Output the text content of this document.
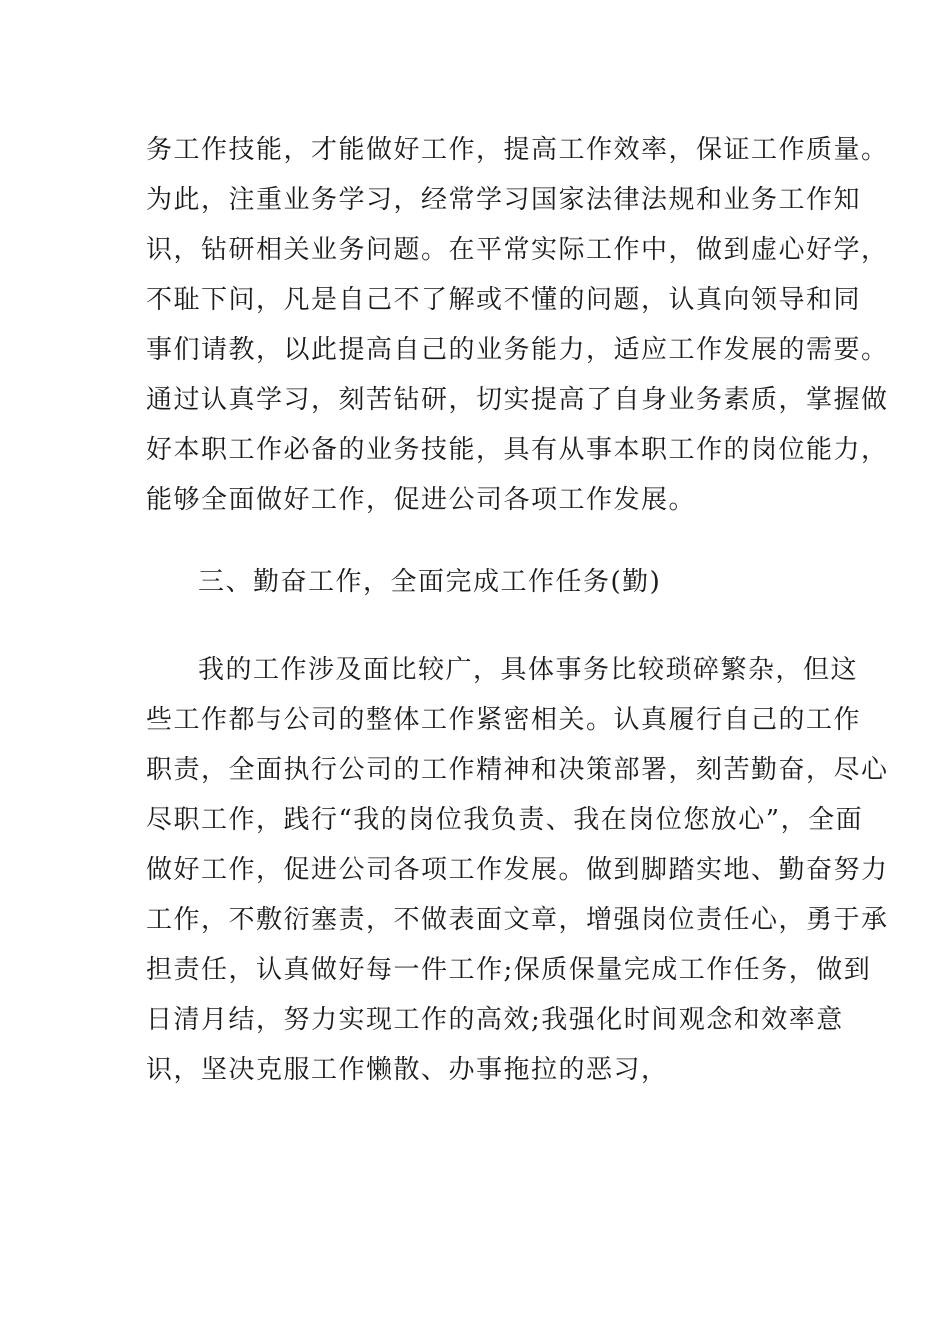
务工作技能，才能做好工作，提高工作效率，保证工作质量。
为此，注重业务学习，经常学习国家法律法规和业务工作知
识，钻研相关业务问题。在平常实际工作中，做到虚心好学，
不耻下问，凡是自己不了解或不懂的问题，认真向领导和同
事们请教，以此提高自己的业务能力，适应工作发展的需要。
通过认真学习，刻苦钻研，切实提高了自身业务素质，掌握做
好本职工作必备的业务技能，具有从事本职工作的岗位能力，
能够全面做好工作，促进公司各项工作发展。
三、勤奋工作，全面完成工作任务(勤)
我的工作涉及面比较广，具体事务比较琐碎繁杂，但这
些工作都与公司的整体工作紧密相关。认真履行自己的工作
职责，全面执行公司的工作精神和决策部署，刻苦勤奋，尽心
尽职工作，践行“我的岗位我负责、我在岗位您放心”，全面
做好工作，促进公司各项工作发展。做到脚踏实地、勤奋努力
工作，不敷衍塞责，不做表面文章，增强岗位责任心，勇于承
担责任，认真做好每一件工作;保质保量完成工作任务，做到
日清月结，努力实现工作的高效;我强化时间观念和效率意
识，坚决克服工作懒散、办事拖拉的恶习，
